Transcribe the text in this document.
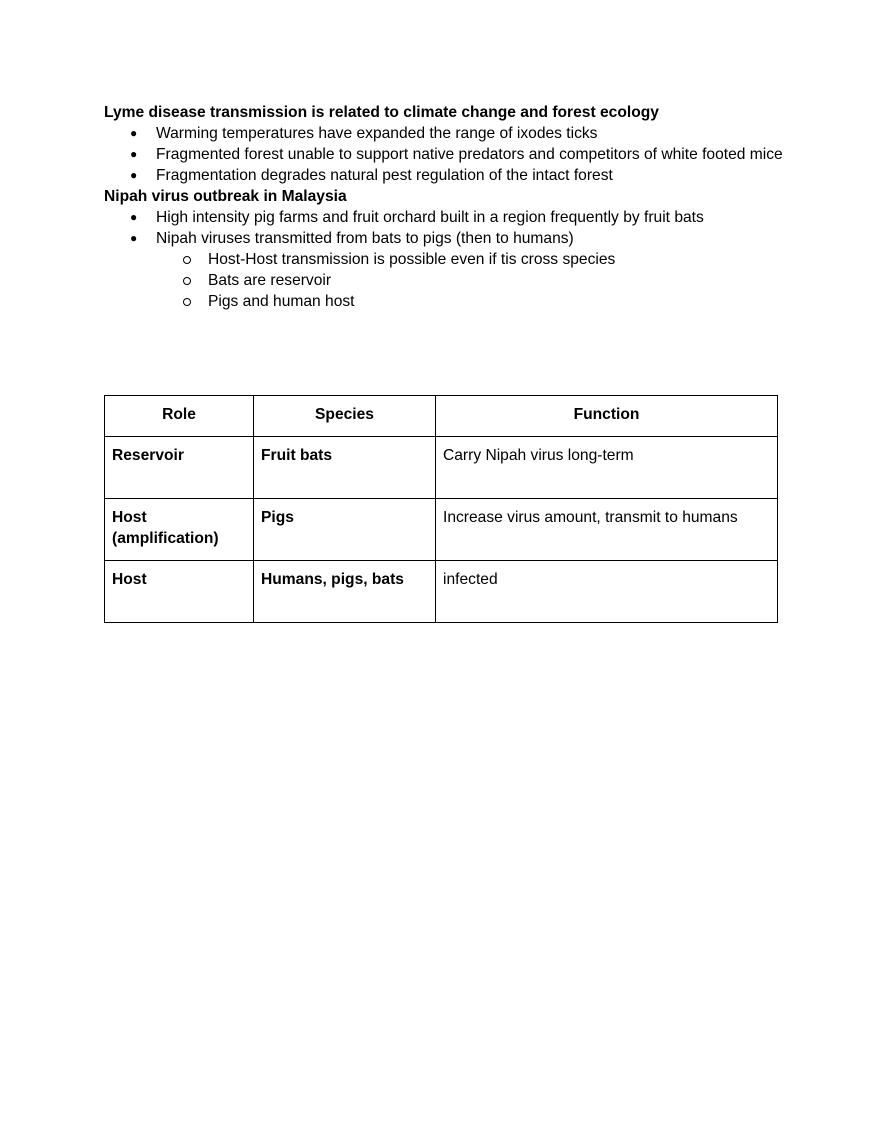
Lyme disease transmission is related to climate change and forest ecology

● Warming temperatures have expanded the range of ixodes ticks
● Fragmented forest unable to support native predators and competitors of white footed mice
● Fragmentation degrades natural pest regulation of the intact forest

Nipah virus outbreak in Malaysia

● High intensity pig farms and fruit orchard built in a region frequently by fruit bats
● Nipah viruses transmitted from bats to pigs (then to humans)
Host-Host transmission is possible even if tis cross species
Bats are reservoir
Pigs and human host
Role	Species	Function
Reservoir	Fruit bats	Carry Nipah virus long-term
Host (amplification)	Pigs	Increase virus amount, transmit to humans
Host	Humans, pigs, bats	infected
